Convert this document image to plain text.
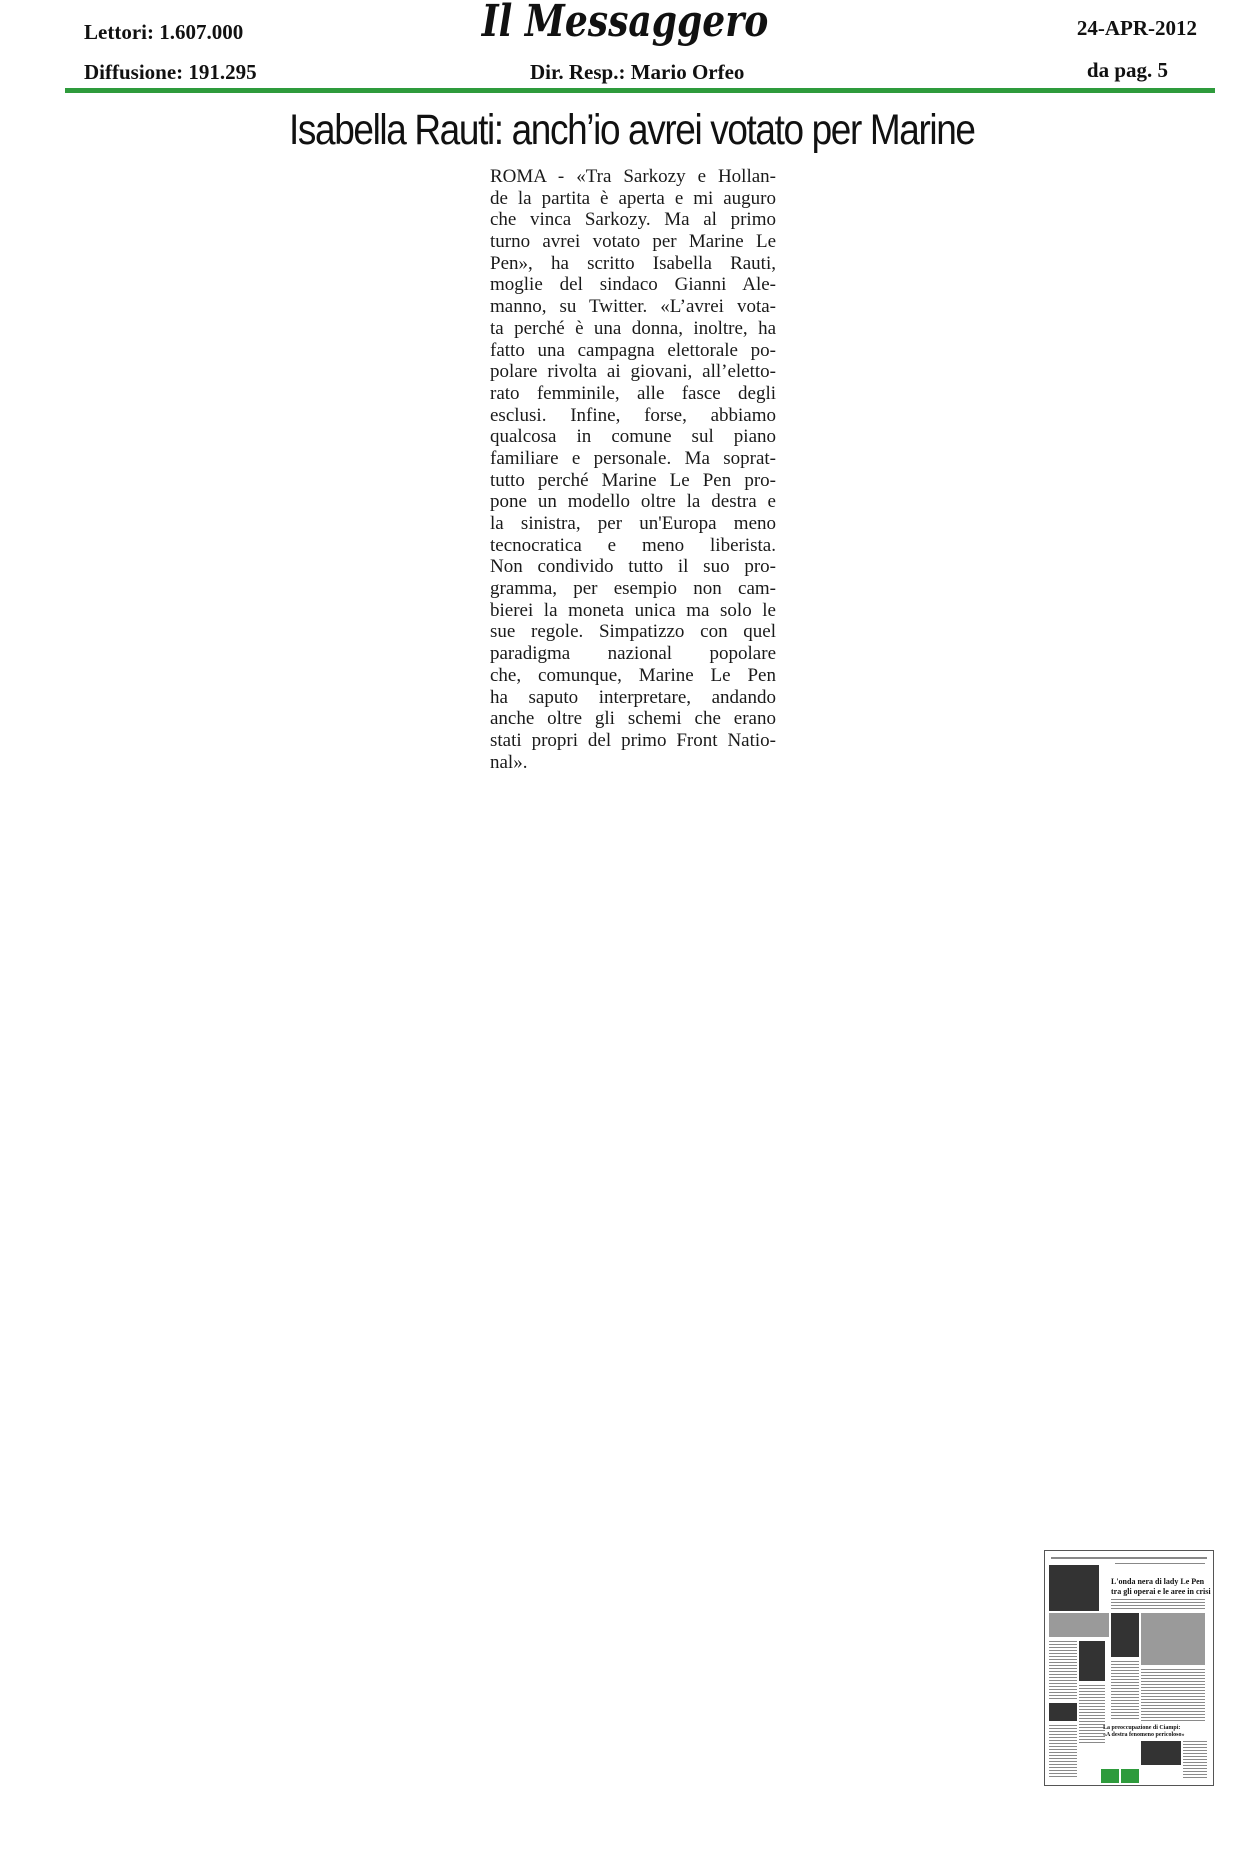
Lettori: 1.607.000
Diffusione: 191.295
Il Messaggero
Dir. Resp.: Mario Orfeo
24-APR-2012
da pag. 5
Isabella Rauti: anch’io avrei votato per Marine
ROMA - «Tra Sarkozy e Hollan-
de la partita è aperta e mi auguro
che vinca Sarkozy. Ma al primo
turno avrei votato per Marine Le
Pen», ha scritto Isabella Rauti,
moglie del sindaco Gianni Ale-
manno, su Twitter. «L’avrei vota-
ta perché è una donna, inoltre, ha
fatto una campagna elettorale po-
polare rivolta ai giovani, all’eletto-
rato femminile, alle fasce degli
esclusi. Infine, forse, abbiamo
qualcosa in comune sul piano
familiare e personale. Ma soprat-
tutto perché Marine Le Pen pro-
pone un modello oltre la destra e
la sinistra, per un'Europa meno
tecnocratica e meno liberista.
Non condivido tutto il suo pro-
gramma, per esempio non cam-
bierei la moneta unica ma solo le
sue regole. Simpatizzo con quel
paradigma nazional popolare
che, comunque, Marine Le Pen
ha saputo interpretare, andando
anche oltre gli schemi che erano
stati propri del primo Front Natio-
nal».
L'onda nera di lady Le Pen
tra gli operai e le aree in crisi
La preoccupazione di Ciampi:
«A destra fenomeno pericoloso»
